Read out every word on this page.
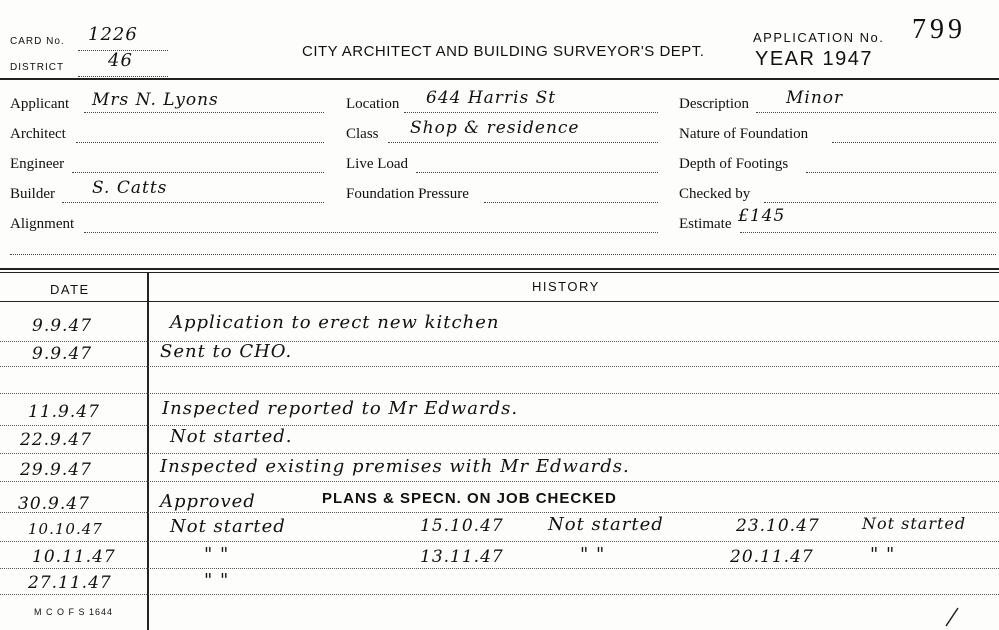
CARD No. 1226
DISTRICT 46	CITY ARCHITECT AND BUILDING SURVEYOR'S DEPT.
APPLICATION No. 799
YEAR 1947
Applicant Mrs N. Lyons
Architect
Engineer
Builder S. Catts
Alignment
Location 644 Harris St
Class Shop & residence
Live Load
Foundation Pressure
Description Minor
Nature of Foundation
Depth of Footings
Checked by
Estimate £145
DATE	HISTORY
9.9.47	Application to erect new kitchen
9.9.47	Sent to CHO.
11.9.47	Inspected reported to Mr Edwards.
22.9.47	Not started.
29.9.47	Inspected existing premises with Mr Edwards.
30.9.47	Approved	PLANS & SPECN. ON JOB CHECKED
10.10.47	Not started	15.10.47 Not started	23.10.47	Not started
10.11.47	" "	13.11.47	" "	20.11.47	" "
27.11.47	" "
M C O F S 1644
